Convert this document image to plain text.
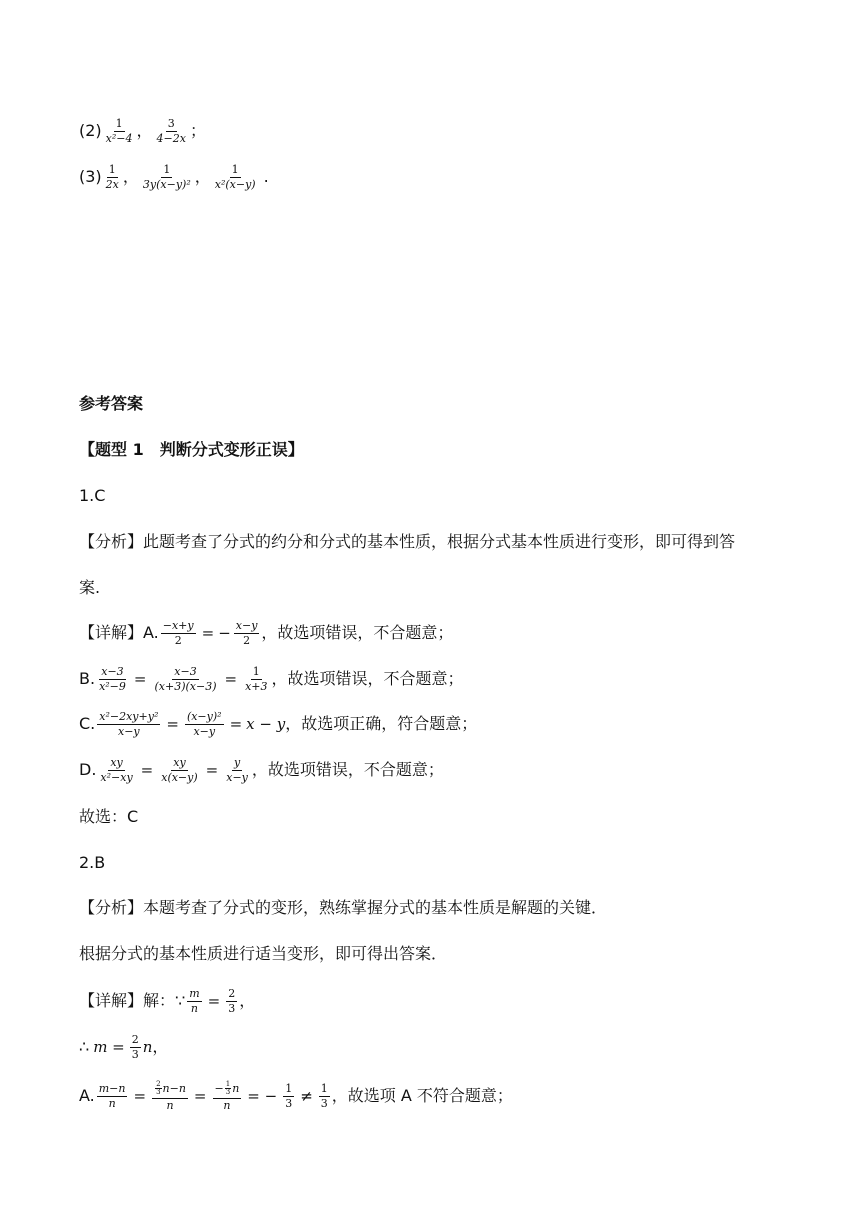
(2) 1
x²−4 ， 3
4−2x ；
(3) 1
2x ， 1
3y(x−y)² ， 1
x²(x−y) .
参考答案
【题型 1　判断分式变形正误】
1.C
【分析】此题考查了分式的约分和分式的基本性质，根据分式基本性质进行变形，即可得到答
案.
【详解】A. $\frac{-x+y}{2}$ = − $\frac{x-y}{2}$ ，故选项错误，不合题意；
B. $\frac{x-3}{\text{x²−9}} = \frac{x-3}{(x+3)(x-3)} = \frac{1}{x+3}$ ，故选项错误，不合题意；
C. $\frac{\text{x²−2xy+y²}}{x-y} = \frac{\text{(x−y)²}}{x-y} = x - y$ ，故选项正确，符合题意；
D. $\frac{xy}{\text{x²−xy}} = \frac{xy}{x(x-y)} = \frac{y}{x-y}$ ，故选项错误，不合题意；
故选：C
2.B
【分析】本题考查了分式的变形，熟练掌握分式的基本性质是解题的关键．
根据分式的基本性质进行适当变形，即可得出答案．
【详解】解： ∵ $\frac{m}{n} = \frac{2}{3}$ ，
∴ $m = \frac{2}{3}$ n ，
A. $\frac{m-n}{n} = 2$
3 n−n
$n = \frac{- \frac{1}{3} n}{n}$ = − $\frac{1}{3} \ne 1$
3 ，故选项 A 不符合题意；
